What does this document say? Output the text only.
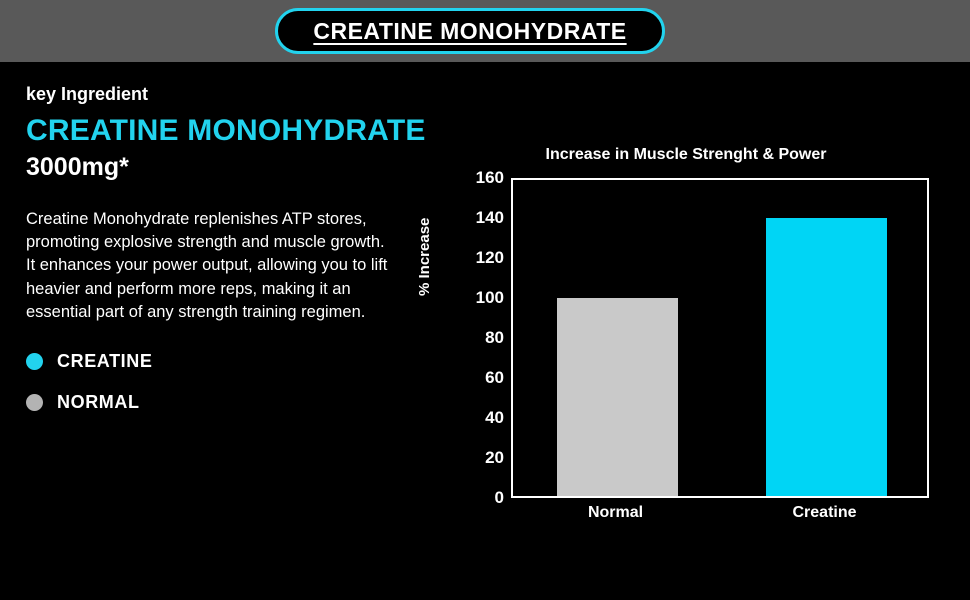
CREATINE MONOHYDRATE
key Ingredient
CREATINE MONOHYDRATE
3000mg*
Creatine Monohydrate replenishes ATP stores, promoting explosive strength and muscle growth. It enhances your power output, allowing you to lift heavier and perform more reps, making it an essential part of any strength training regimen.
CREATINE
NORMAL
Increase in Muscle Strenght & Power
% Increase
0
20
40
60
80
100
120
140
160
Normal	Creatine
